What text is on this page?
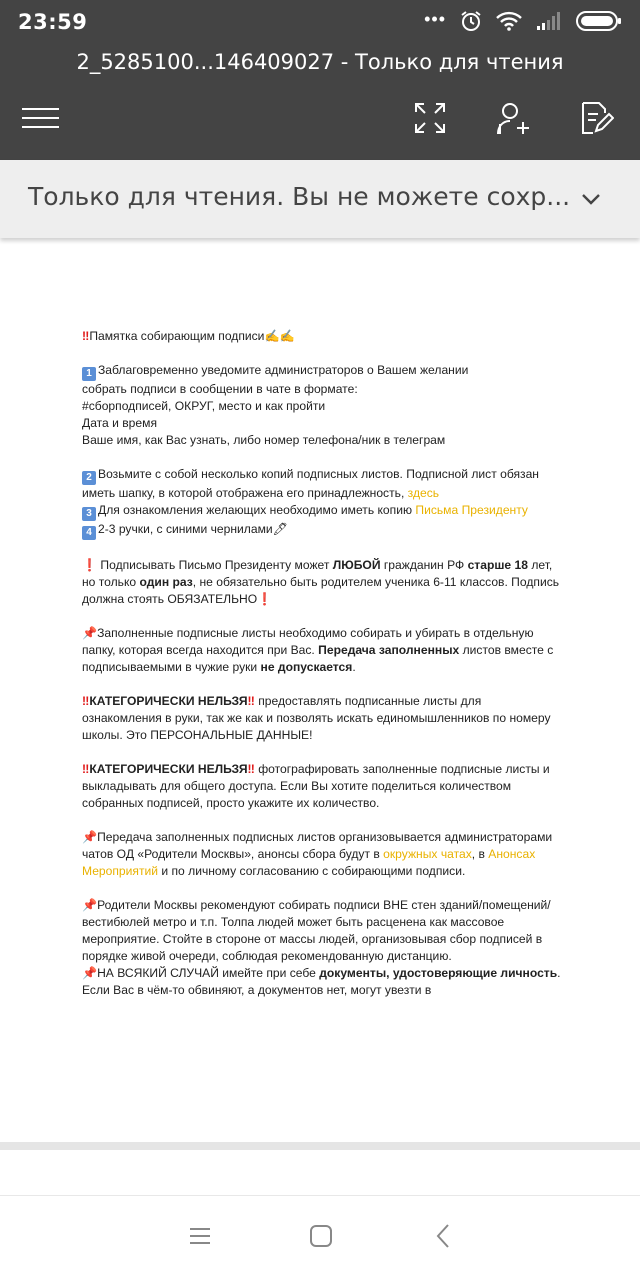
23:59	•••
2_5285100...146409027 - Только для чтения
Только для чтения. Вы не можете сохр...

‼Памятка собирающим подписи✍✍

1 Заблаговременно уведомите администраторов о Вашем желании
собрать подписи в сообщении в чате в формате:
#сборподписей, ОКРУГ, место и как пройти
Дата и время
Ваше имя, как Вас узнать, либо номер телефона/ник в телеграм

2 Возьмите с собой несколько копий подписных листов. Подписной лист обязан иметь шапку, в которой отображена его принадлежность, здесь

3 Для ознакомления желающих необходимо иметь копию Письма Президенту

4 2-3 ручки, с синими чернилами🖊

❗ Подписывать Письмо Президенту может ЛЮБОЙ гражданин РФ старше 18 лет, но только один раз, не обязательно быть родителем ученика 6-11 классов. Подпись должна стоять ОБЯЗАТЕЛЬНО❗

📌Заполненные подписные листы необходимо собирать и убирать в отдельную папку, которая всегда находится при Вас. Передача заполненных листов вместе с подписываемыми в чужие руки не допускается.

‼КАТЕГОРИЧЕСКИ НЕЛЬЗЯ‼ предоставлять подписанные листы для ознакомления в руки, так же как и позволять искать единомышленников по номеру школы. Это ПЕРСОНАЛЬНЫЕ ДАННЫЕ!

‼КАТЕГОРИЧЕСКИ НЕЛЬЗЯ‼ фотографировать заполненные подписные листы и выкладывать для общего доступа. Если Вы хотите поделиться количеством собранных подписей, просто укажите их количество.

📌Передача заполненных подписных листов организовывается администраторами чатов ОД «Родители Москвы», анонсы сбора будут в окружных чатах, в Анонсах Мероприятий и по личному согласованию с собирающими подписи.

📌Родители Москвы рекомендуют собирать подписи ВНЕ стен зданий/помещений/вестибюлей метро и т.п. Толпа людей может быть расценена как массовое мероприятие. Стойте в стороне от массы людей, организовывая сбор подписей в порядке живой очереди, соблюдая рекомендованную дистанцию.

📌НА ВСЯКИЙ СЛУЧАЙ имейте при себе документы, удостоверяющие личность. Если Вас в чём-то обвиняют, а документов нет, могут увезти в
